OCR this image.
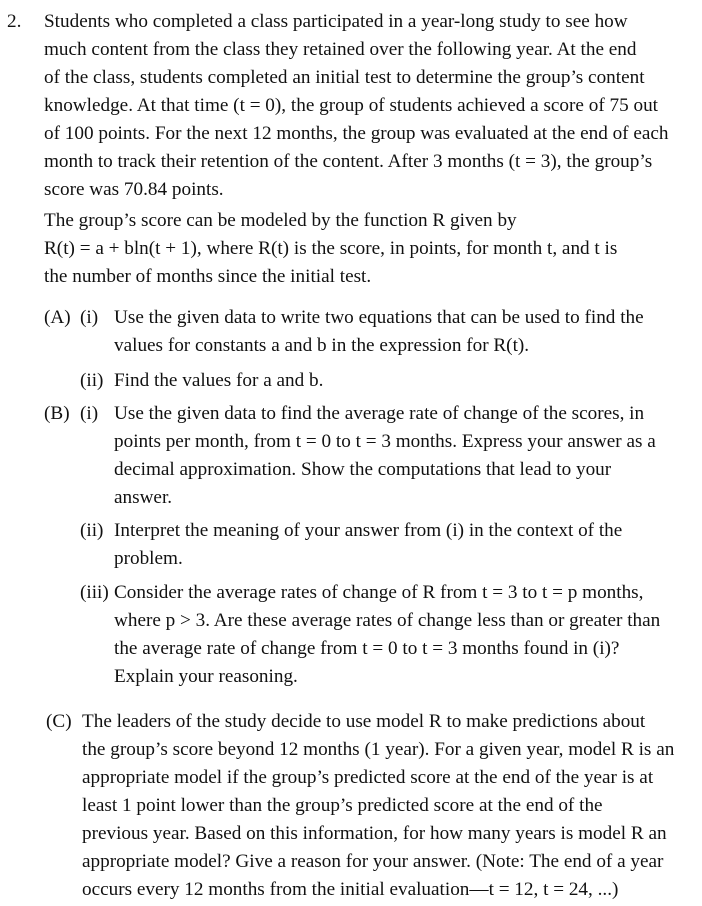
2. Students who completed a class participated in a year-long study to see how
much content from the class they retained over the following year. At the end
of the class, students completed an initial test to determine the group’s content
knowledge. At that time (t = 0), the group of students achieved a score of 75 out
of 100 points. For the next 12 months, the group was evaluated at the end of each
month to track their retention of the content. After 3 months (t = 3), the group’s
score was 70.84 points.
The group’s score can be modeled by the function R given by
R(t) = a + bln(t + 1), where R(t) is the score, in points, for month t, and t is
the number of months since the initial test.
(A) (i) Use the given data to write two equations that can be used to find the
values for constants a and b in the expression for R(t).
(ii) Find the values for a and b.
(B) (i) Use the given data to find the average rate of change of the scores, in
points per month, from t = 0 to t = 3 months. Express your answer as a
decimal approximation. Show the computations that lead to your
answer.
(ii) Interpret the meaning of your answer from (i) in the context of the
problem.
(iii) Consider the average rates of change of R from t = 3 to t = p months,
where p > 3. Are these average rates of change less than or greater than
the average rate of change from t = 0 to t = 3 months found in (i)?
Explain your reasoning.
(C) The leaders of the study decide to use model R to make predictions about
the group’s score beyond 12 months (1 year). For a given year, model R is an
appropriate model if the group’s predicted score at the end of the year is at
least 1 point lower than the group’s predicted score at the end of the
previous year. Based on this information, for how many years is model R an
appropriate model? Give a reason for your answer. (Note: The end of a year
occurs every 12 months from the initial evaluation—t = 12, t = 24, ...)
